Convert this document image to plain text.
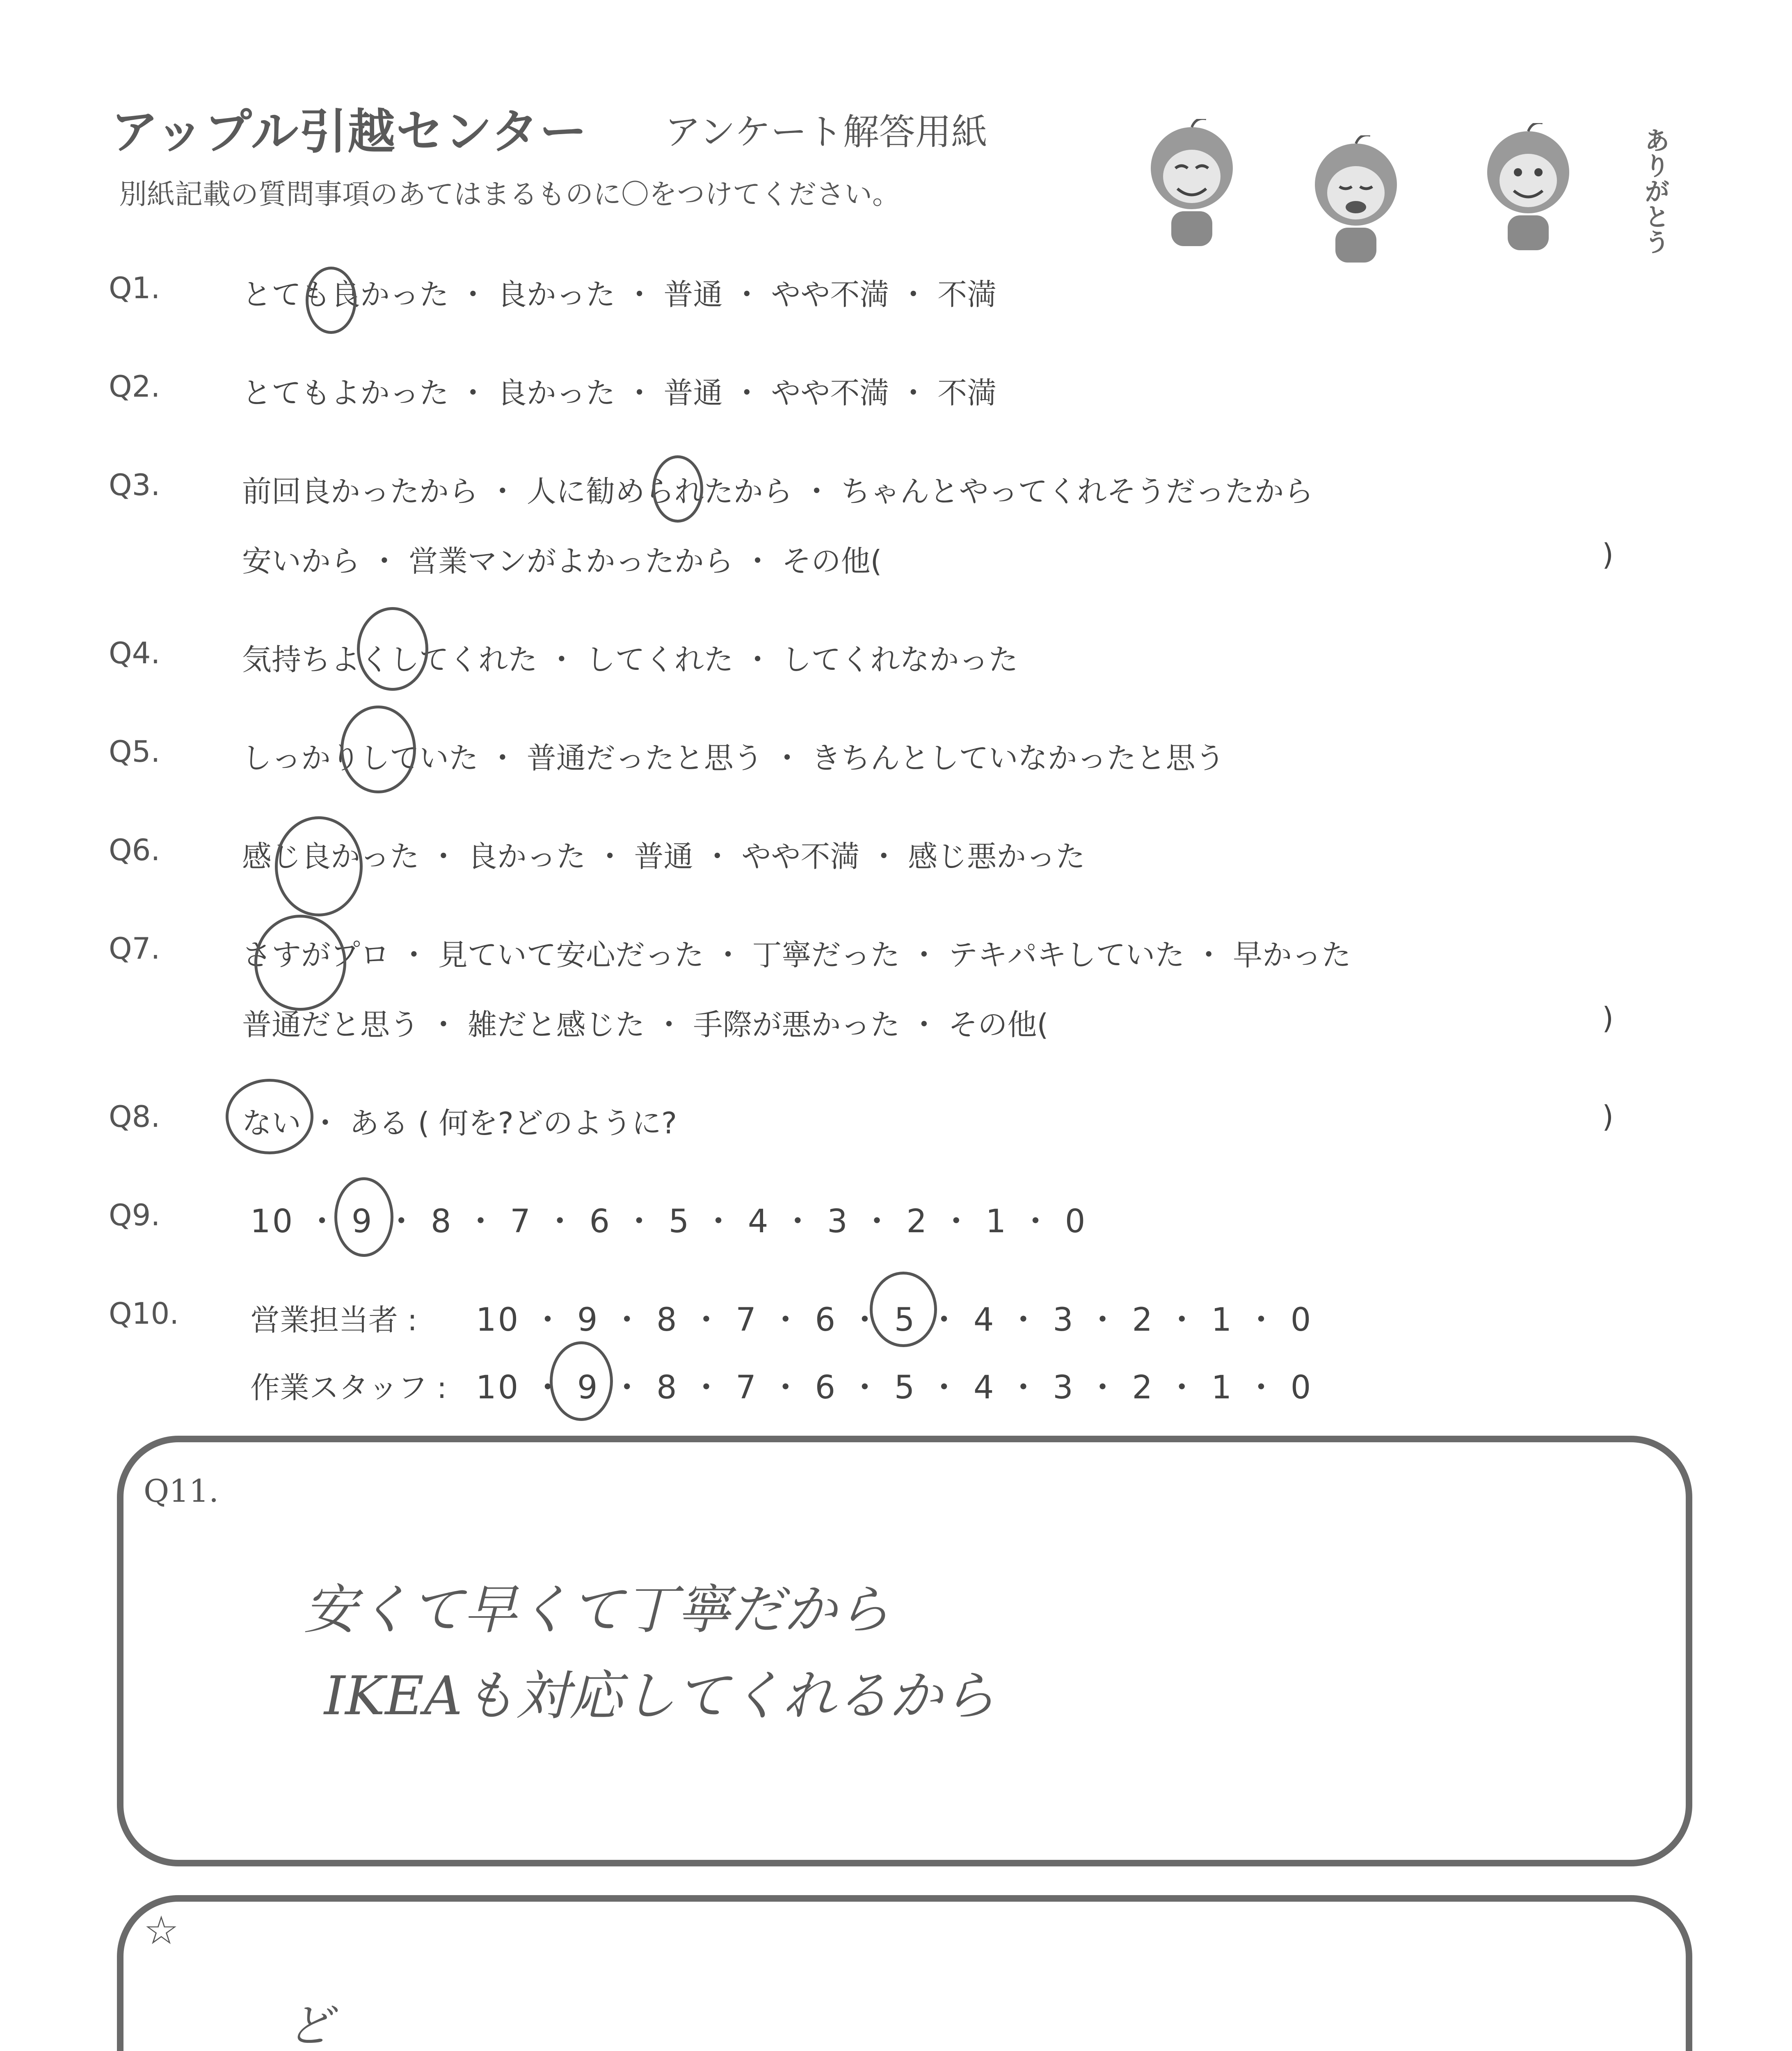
アップル引越センター アンケート解答用紙
別紙記載の質問事項のあてはまるものに〇をつけてください。	ありがとう
Q1.	とても良かった ・ 良かった ・ 普通 ・ やや不満 ・ 不満
Q2.	とてもよかった ・ 良かった ・ 普通 ・ やや不満 ・ 不満
Q3.	前回良かったから ・ 人に勧められたから ・ ちゃんとやってくれそうだったから
安いから ・ 営業マンがよかったから ・ その他(	)
Q4.	気持ちよくしてくれた ・ してくれた ・ してくれなかった
Q5.	しっかりしていた ・ 普通だったと思う ・ きちんとしていなかったと思う
Q6.	感じ良かった ・ 良かった ・ 普通 ・ やや不満 ・ 感じ悪かった
Q7.	さすがプロ ・ 見ていて安心だった ・ 丁寧だった ・ テキパキしていた ・ 早かった
普通だと思う ・ 雑だと感じた ・ 手際が悪かった ・ その他(	)
Q8.	ない ・ ある ( 何を?どのように?	)
Q9.	10 ・ 9 ・ 8 ・ 7 ・ 6 ・ 5 ・ 4 ・ 3 ・ 2 ・ 1 ・ 0
Q10. 営業担当者 : 10 ・ 9 ・ 8 ・ 7 ・ 6 ・ 5 ・ 4 ・ 3 ・ 2 ・ 1 ・ 0
作業スタッフ : 10 ・ 9 ・ 8 ・ 7 ・ 6 ・ 5 ・ 4 ・ 3 ・ 2 ・ 1 ・ 0
Q11.
安くて早くて丁寧だから
IKEAも対応してくれるから
☆
ど
